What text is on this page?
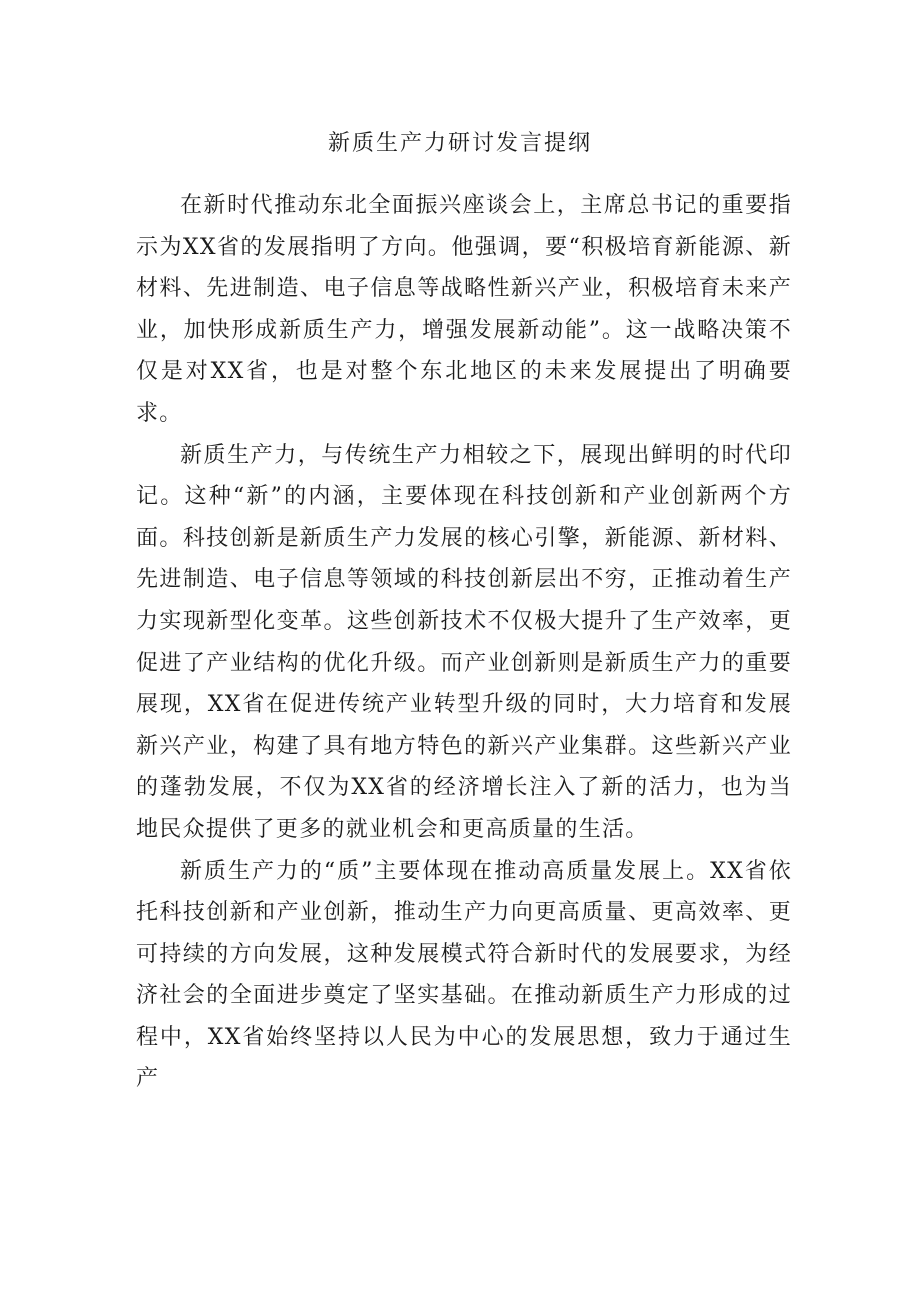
新质生产力研讨发言提纲

在新时代推动东北全面振兴座谈会上，主席总书记的重要指示为XX省的发展指明了方向。他强调，要“积极培育新能源、新材料、先进制造、电子信息等战略性新兴产业，积极培育未来产业，加快形成新质生产力，增强发展新动能”。这一战略决策不仅是对XX省，也是对整个东北地区的未来发展提出了明确要求。

新质生产力，与传统生产力相较之下，展现出鲜明的时代印记。这种“新”的内涵，主要体现在科技创新和产业创新两个方面。科技创新是新质生产力发展的核心引擎，新能源、新材料、先进制造、电子信息等领域的科技创新层出不穷，正推动着生产力实现新型化变革。这些创新技术不仅极大提升了生产效率，更促进了产业结构的优化升级。而产业创新则是新质生产力的重要展现，XX省在促进传统产业转型升级的同时，大力培育和发展新兴产业，构建了具有地方特色的新兴产业集群。这些新兴产业的蓬勃发展，不仅为XX省的经济增长注入了新的活力，也为当地民众提供了更多的就业机会和更高质量的生活。

新质生产力的“质”主要体现在推动高质量发展上。XX省依托科技创新和产业创新，推动生产力向更高质量、更高效率、更可持续的方向发展，这种发展模式符合新时代的发展要求，为经济社会的全面进步奠定了坚实基础。在推动新质生产力形成的过程中，XX省始终坚持以人民为中心的发展思想，致力于通过生产
